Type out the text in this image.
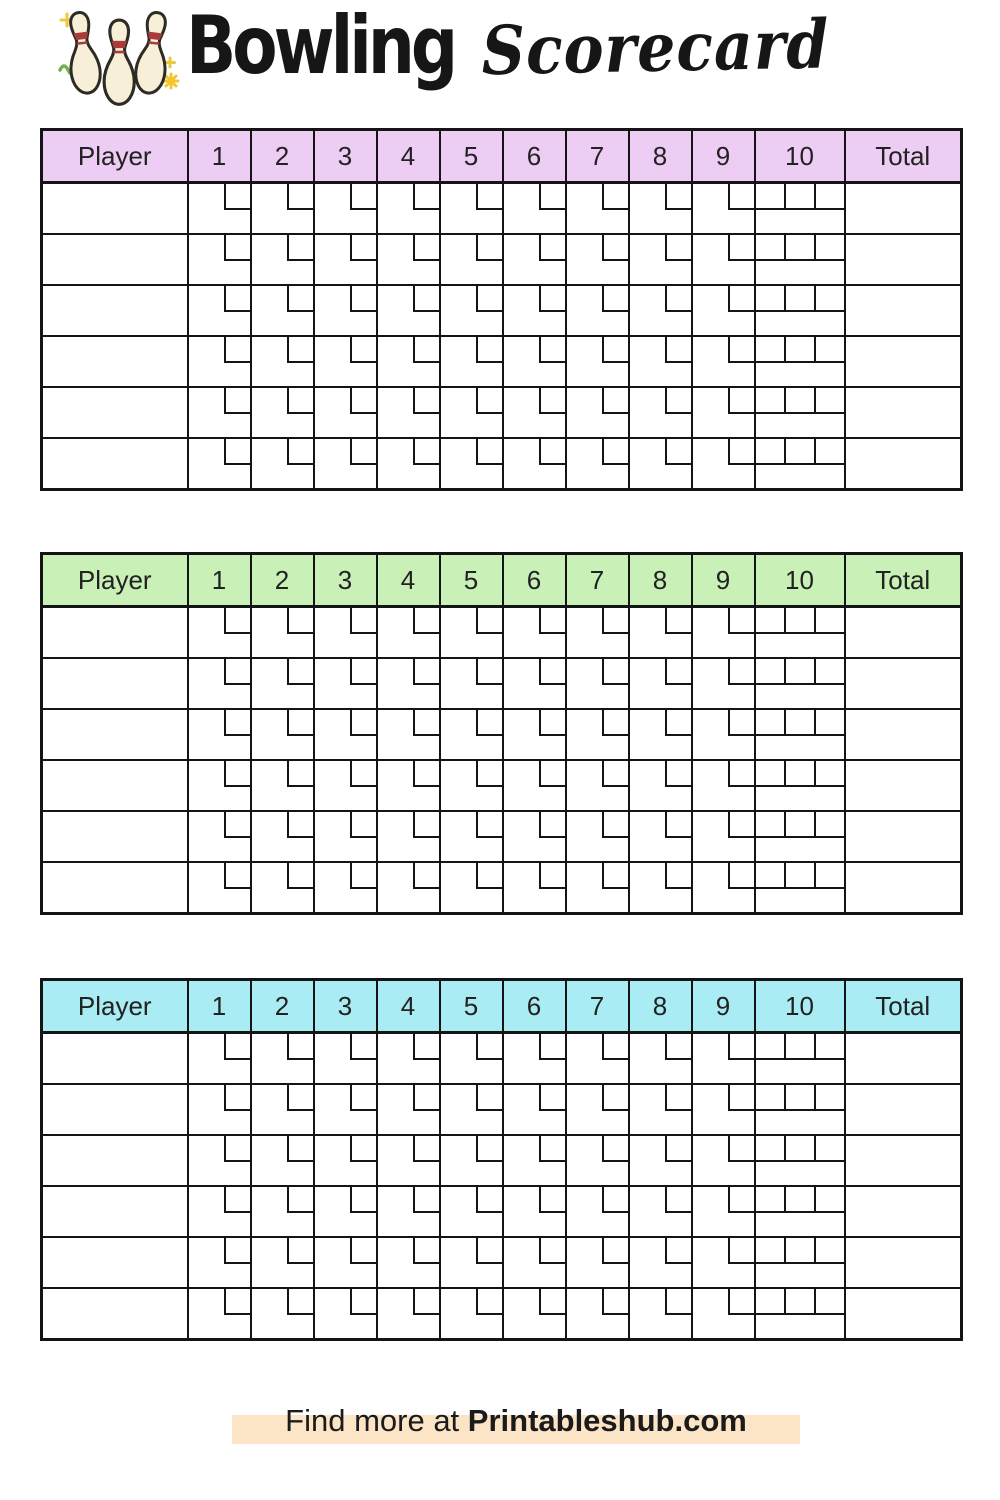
Bowling Scorecard
Player	1	2	3	4	5	6	7	8	9	10	Total

Player	1	2	3	4	5	6	7	8	9	10	Total

Player	1	2	3	4	5	6	7	8	9	10	Total

Find more at Printableshub.com
